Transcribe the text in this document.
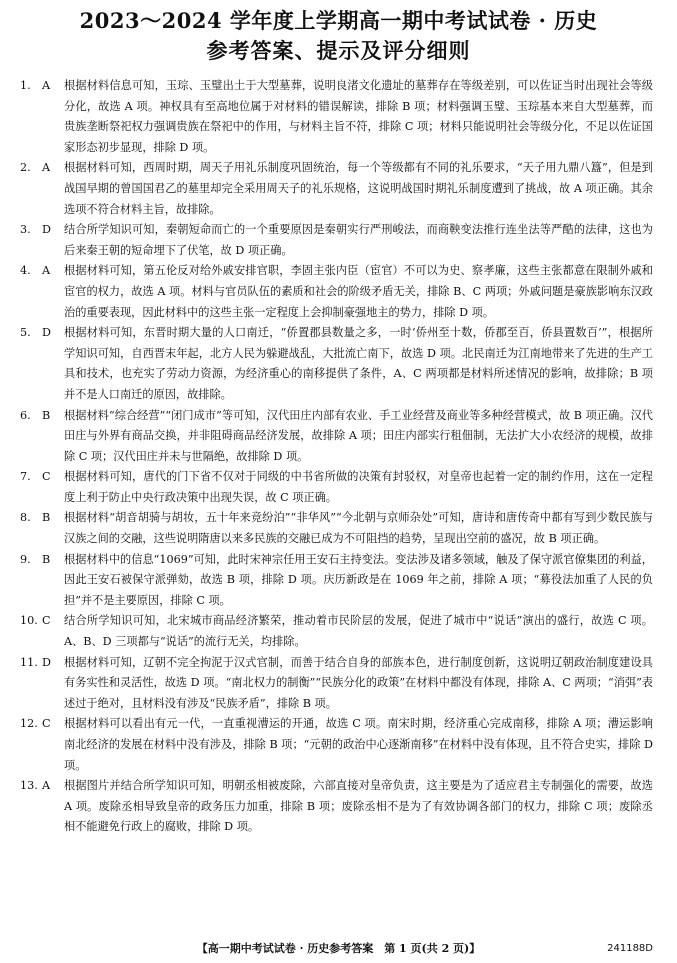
2023～2024 学年度上学期高一期中考试试卷 · 历史
参考答案、提示及评分细则
1.	A	根据材料信息可知，玉琮、玉璧出土于大型墓葬，说明良渚文化遗址的墓葬存在等级差别，可以佐证当时出现社会等级分化，故选 A 项。神权具有至高地位属于对材料的错误解读，排除 B 项；材料强调玉璧、玉琮基本来自大型墓葬，而贵族垄断祭祀权力强调贵族在祭祀中的作用，与材料主旨不符，排除 C 项；材料只能说明社会等级分化，不足以佐证国家形态初步显现，排除 D 项。
2.	A	根据材料可知，西周时期，周天子用礼乐制度巩固统治，每一个等级都有不同的礼乐要求，“天子用九鼎八簋”，但是到战国早期的曾国国君乙的墓里却完全采用周天子的礼乐规格，这说明战国时期礼乐制度遭到了挑战，故 A 项正确。其余选项不符合材料主旨，故排除。
3.	D	结合所学知识可知，秦朝短命而亡的一个重要原因是秦朝实行严刑峻法，而商鞅变法推行连坐法等严酷的法律，这也为后来秦王朝的短命埋下了伏笔，故 D 项正确。
4.	A	根据材料可知，第五伦反对给外戚安排官职，李固主张内臣（宦官）不可以为史、察孝廉，这些主张都意在限制外戚和宦官的权力，故选 A 项。材料与官员队伍的素质和社会的阶级矛盾无关，排除 B、C 两项；外戚问题是豪族影响东汉政治的重要表现，因此材料中的这些主张一定程度上会抑制豪强地主的势力，排除 D 项。
5.	D	根据材料可知，东晋时期大量的人口南迁，“侨置郡县数量之多，一时‘侨州至十数，侨郡至百，侨县置数百’”，根据所学知识可知，自西晋末年起，北方人民为躲避战乱，大批流亡南下，故选 D 项。北民南迁为江南地带来了先进的生产工具和技术，也充实了劳动力资源，为经济重心的南移提供了条件，A、C 两项都是材料所述情况的影响，故排除；B 项并不是人口南迁的原因，故排除。
6.	B	根据材料“综合经营”“闭门成市”等可知，汉代田庄内部有农业、手工业经营及商业等多种经营模式，故 B 项正确。汉代田庄与外界有商品交换，并非阻碍商品经济发展，故排除 A 项；田庄内部实行租佃制，无法扩大小农经济的规模，故排除 C 项；汉代田庄并未与世隔绝，故排除 D 项。
7.	C	根据材料可知，唐代的门下省不仅对于同级的中书省所做的决策有封驳权，对皇帝也起着一定的制约作用，这在一定程度上利于防止中央行政决策中出现失误，故 C 项正确。
8.	B	根据材料“胡音胡骑与胡妆，五十年来竞纷泊”“非华风”“今北朝与京师杂处”可知，唐诗和唐传奇中都有写到少数民族与汉族之间的交融，这些说明隋唐以来多民族的交融已成为不可阻挡的趋势，呈现出空前的盛况，故 B 项正确。
9.	B	根据材料中的信息“1069”可知，此时宋神宗任用王安石主持变法。变法涉及诸多领域，触及了保守派官僚集团的利益，因此王安石被保守派弹劾，故选 B 项，排除 D 项。庆历新政是在 1069 年之前，排除 A 项；“募役法加重了人民的负担”并不是主要原因，排除 C 项。
10. C	结合所学知识可知，北宋城市商品经济繁荣，推动着市民阶层的发展，促进了城市中“说话”演出的盛行，故选 C 项。A、B、D 三项都与“说话”的流行无关，均排除。
11. D	根据材料可知，辽朝不完全拘泥于汉式官制，而善于结合自身的部族本色，进行制度创新，这说明辽朝政治制度建设具有务实性和灵活性，故选 D 项。“南北权力的制衡”“民族分化的政策”在材料中都没有体现，排除 A、C 两项；“消弭”表述过于绝对，且材料没有涉及“民族矛盾”，排除 B 项。
12. C	根据材料可以看出有元一代，一直重视漕运的开通，故选 C 项。南宋时期，经济重心完成南移，排除 A 项；漕运影响南北经济的发展在材料中没有涉及，排除 B 项；“元朝的政治中心逐渐南移”在材料中没有体现，且不符合史实，排除 D 项。
13. A	根据图片并结合所学知识可知，明朝丞相被废除，六部直接对皇帝负责，这主要是为了适应君主专制强化的需要，故选 A 项。废除丞相导致皇帝的政务压力加重，排除 B 项；废除丞相不是为了有效协调各部门的权力，排除 C 项；废除丞相不能避免行政上的腐败，排除 D 项。
【高一期中考试试卷 · 历史参考答案　第 1 页(共 2 页)】	241188D
